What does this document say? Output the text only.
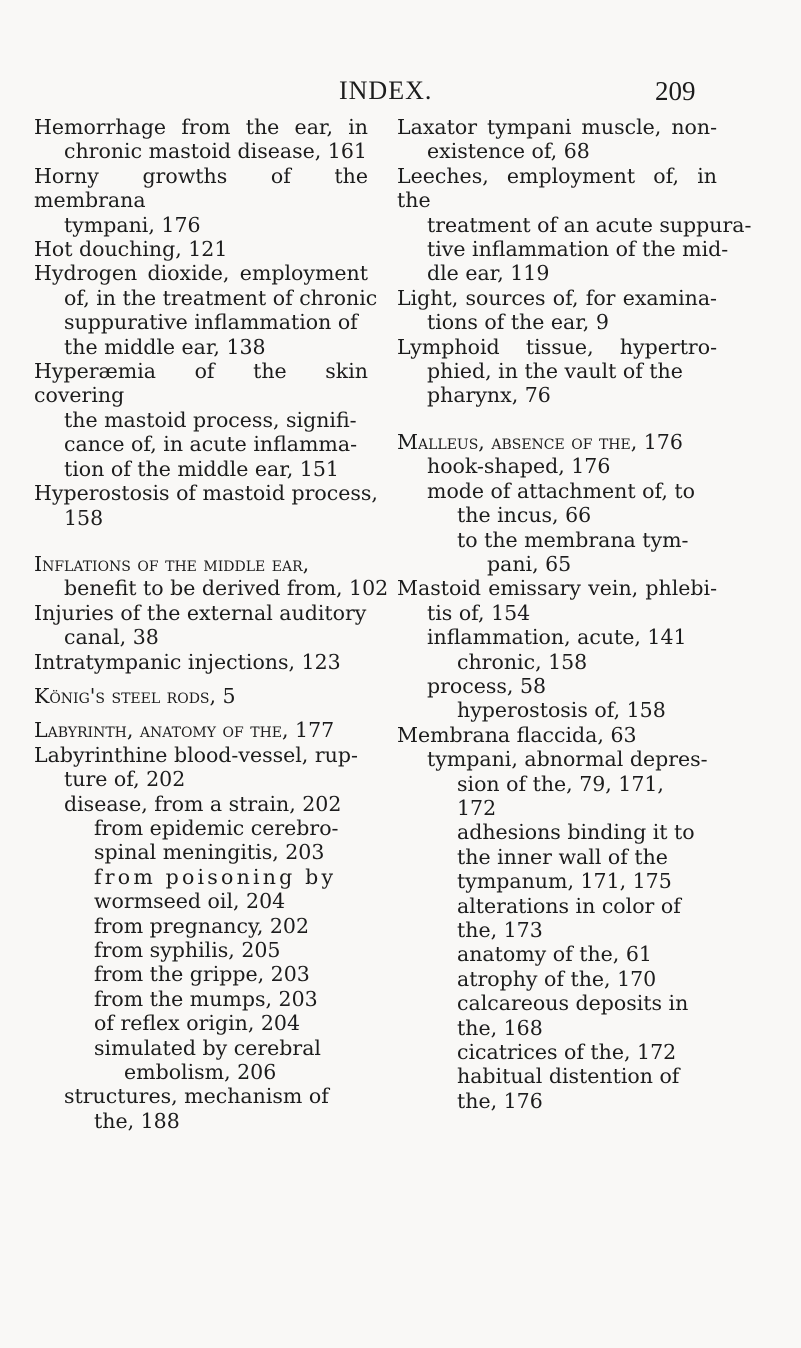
INDEX.	209
Hemorrhage from the ear, in
chronic mastoid disease, 161
Horny growths of the membrana
tympani, 176
Hot douching, 121
Hydrogen dioxide, employment
of, in the treatment of chronic
suppurative inflammation of
the middle ear, 138
Hyperæmia of the skin covering
the mastoid process, signifi-
cance of, in acute inflamma-
tion of the middle ear, 151
Hyperostosis of mastoid process,
158
Inflations of the middle ear,
benefit to be derived from, 102
Injuries of the external auditory
canal, 38
Intratympanic injections, 123
König's steel rods, 5
Labyrinth, anatomy of the, 177
Labyrinthine blood-vessel, rup-
ture of, 202
disease, from a strain, 202
from epidemic cerebro-
spinal meningitis, 203
from poisoning by
wormseed oil, 204
from pregnancy, 202
from syphilis, 205
from the grippe, 203
from the mumps, 203
of reflex origin, 204
simulated by cerebral
embolism, 206
structures, mechanism of
the, 188
Laxator tympani muscle, non-
existence of, 68
Leeches, employment of, in the
treatment of an acute suppura-
tive inflammation of the mid-
dle ear, 119
Light, sources of, for examina-
tions of the ear, 9
Lymphoid tissue, hypertro-
phied, in the vault of the
pharynx, 76
Malleus, absence of the, 176
hook-shaped, 176
mode of attachment of, to
the incus, 66
to the membrana tym-
pani, 65
Mastoid emissary vein, phlebi-
tis of, 154
inflammation, acute, 141
chronic, 158
process, 58
hyperostosis of, 158
Membrana flaccida, 63
tympani, abnormal depres-
sion of the, 79, 171,
172
adhesions binding it to
the inner wall of the
tympanum, 171, 175
alterations in color of
the, 173
anatomy of the, 61
atrophy of the, 170
calcareous deposits in
the, 168
cicatrices of the, 172
habitual distention of
the, 176
